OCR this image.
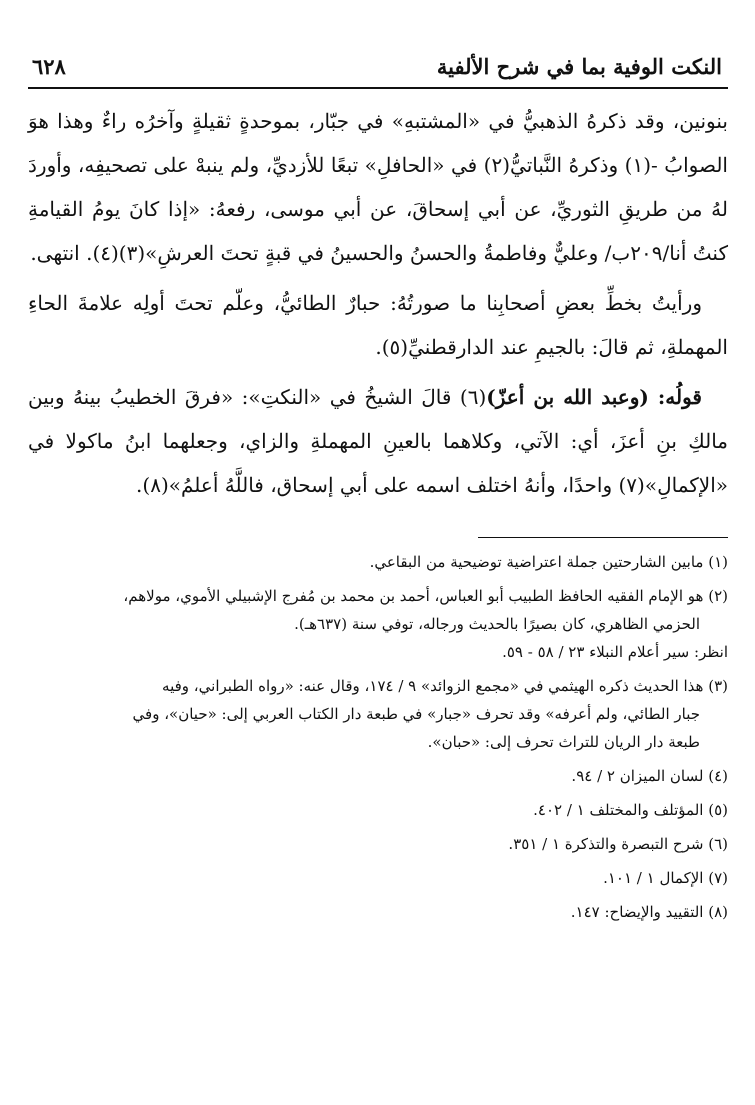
النكت الوفية بما في شرح الألفية
٦٢٨

بنونين، وقد ذكرهُ الذهبيُّ في «المشتبهِ» في جبّار، بموحدةٍ ثقيلةٍ وآخرُه راءٌ وهذا هوَ الصوابُ -(١) وذكرهُ النَّباتيُّ(٢) في «الحافلِ» تبعًا للأزديِّ، ولم ينبهْ على تصحيفِه، وأوردَ لهُ من طريقِ الثوريِّ، عن أبي إسحاقَ، عن أبي موسى، رفعهُ: «إذا كانَ يومُ القيامةِ كنتُ أنا/٢٠٩ب/ وعليٌّ وفاطمةُ والحسنُ والحسينُ في قبةٍ تحتَ العرشِ»(٣)(٤). انتهى.

ورأيتُ بخطِّ بعضِ أصحابِنا ما صورتُهُ: حبارٌ الطائيُّ، وعلّم تحتَ أولِه علامةَ الحاءِ المهملةِ، ثم قالَ: بالجيمِ عند الدارقطنيِّ(٥).

قولُه: (وعبد الله بن أعزّ)(٦) قالَ الشيخُ في «النكتِ»: «فرقَ الخطيبُ بينهُ وبين مالكِ بنِ أعزَ، أي: الآتي، وكلاهما بالعينِ المهملةِ والزاي، وجعلهما ابنُ ماكولا في «الإكمالِ»(٧) واحدًا، وأنهُ اختلف اسمه على أبي إسحاق، فاللَّهُ أعلمُ»(٨).

(١) مابين الشارحتين جملة اعتراضية توضيحية من البقاعي.

(٢) هو الإمام الفقيه الحافظ الطبيب أبو العباس، أحمد بن محمد بن مُفرج الإشبيلي الأموي، مولاهم،
الحزمي الظاهري، كان بصيرًا بالحديث ورجاله، توفي سنة (٦٣٧هـ).
انظر: سير أعلام النبلاء ٢٣ / ٥٨ - ٥٩.

(٣) هذا الحديث ذكره الهيثمي في «مجمع الزوائد» ٩ / ١٧٤، وقال عنه: «رواه الطبراني، وفيه
جبار الطائي، ولم أعرفه» وقد تحرف «جبار» في طبعة دار الكتاب العربي إلى: «حيان»، وفي
طبعة دار الريان للتراث تحرف إلى: «حبان».

(٤) لسان الميزان ٢ / ٩٤.

(٥) المؤتلف والمختلف ١ / ٤٠٢.

(٦) شرح التبصرة والتذكرة ١ / ٣٥١.

(٧) الإكمال ١ / ١٠١.

(٨) التقييد والإيضاح: ١٤٧.
